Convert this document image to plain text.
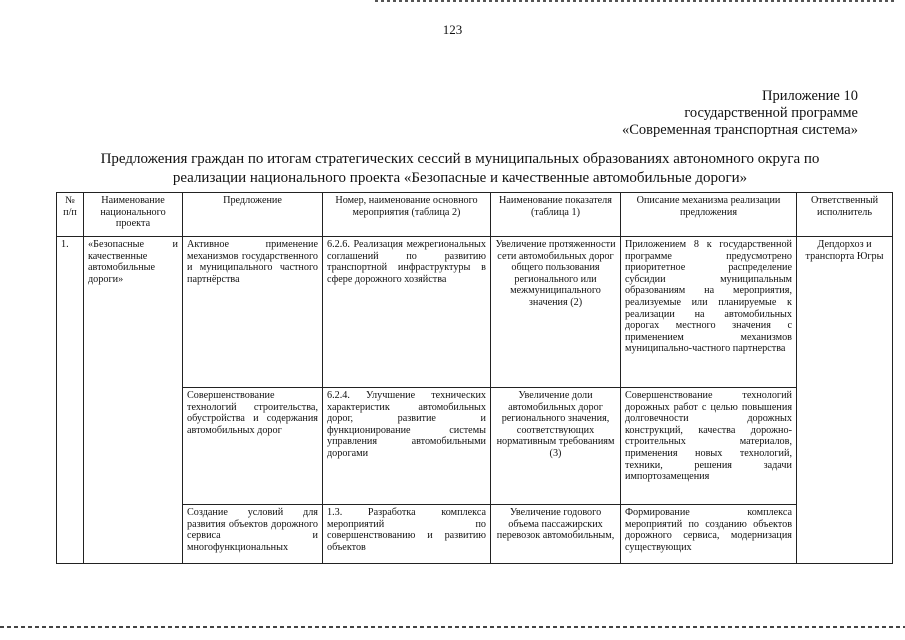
123
Приложение 10
государственной программе
«Современная транспортная система»
Предложения граждан по итогам стратегических сессий в муниципальных образованиях автономного округа по
реализации национального проекта «Безопасные и качественные автомобильные дороги»
№ п/п	Наименование национального проекта	Предложение	Номер, наименование основного мероприятия (таблица 2)	Наименование показателя (таблица 1)	Описание механизма реализации предложения	Ответственный исполнитель
1.	«Безопасные и качественные автомобильные дороги»	Активное применение механизмов государственного и муниципального частного партнёрства	6.2.6. Реализация межрегиональных соглашений по развитию транспортной инфраструктуры в сфере дорожного хозяйства	Увеличение протяженности сети автомобильных дорог общего пользования регионального или межмуниципального значения (2)	Приложением 8 к государственной программе предусмотрено приоритетное распределение субсидии муниципальным образованиям на мероприятия, реализуемые или планируемые к реализации на автомобильных дорогах местного значения с применением механизмов муниципально-частного партнерства	Депдорхоз и транспорта Югры
		Совершенствование технологий строительства, обустройства и содержания автомобильных дорог	6.2.4. Улучшение технических характеристик автомобильных дорог, развитие и функционирование системы управления автомобильными дорогами	Увеличение доли автомобильных дорог регионального значения, соответствующих нормативным требованиям (3)	Совершенствование технологий дорожных работ с целью повышения долговечности дорожных конструкций, качества дорожно-строительных материалов, применения новых технологий, техники, решения задачи импортозамещения	
		Создание условий для развития объектов дорожного сервиса и многофункциональных	1.3. Разработка комплекса мероприятий по совершенствованию и развитию объектов	Увеличение годового объема пассажирских перевозок автомобильным,	Формирование комплекса мероприятий по созданию объектов дорожного сервиса, модернизация существующих	
